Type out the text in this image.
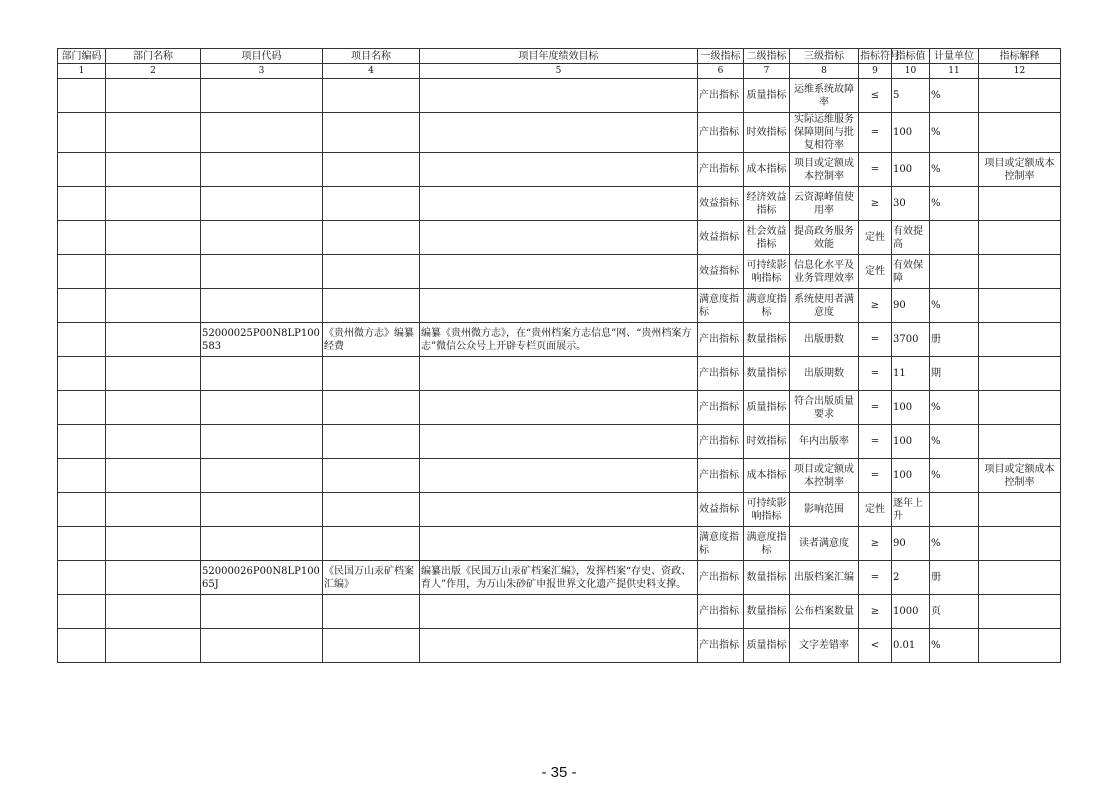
部门编码	部门名称	项目代码	项目名称	项目年度绩效目标	一级指标	二级指标	三级指标	指标符号	指标值	计量单位	指标解释
1	2	3	4	5	6	7	8	9	10	11	12
					产出指标	质量指标	运维系统故障率	≤	5	%	
					产出指标	时效指标	实际运维服务保障期间与批复相符率	=	100	%	
					产出指标	成本指标	项目或定额成本控制率	=	100	%	项目或定额成本控制率
					效益指标	经济效益指标	云资源峰值使用率	≥	30	%	
					效益指标	社会效益指标	提高政务服务效能	定性	有效提高		
					效益指标	可持续影响指标	信息化水平及业务管理效率	定性	有效保障		
					满意度指标	满意度指标	系统使用者满意度	≥	90	%	
		52000025P00N8LP100583	《贵州微方志》编纂经费	编纂《贵州微方志》，在“贵州档案方志信息”网、“贵州档案方志”微信公众号上开辟专栏页面展示。	产出指标	数量指标	出版册数	=	3700	册	
					产出指标	数量指标	出版期数	=	11	期	
					产出指标	质量指标	符合出版质量要求	=	100	%	
					产出指标	时效指标	年内出版率	=	100	%	
					产出指标	成本指标	项目或定额成本控制率	=	100	%	项目或定额成本控制率
					效益指标	可持续影响指标	影响范围	定性	逐年上升		
					满意度指标	满意度指标	读者满意度	≥	90	%	
		52000026P00N8LP10065J	《民国万山汞矿档案汇编》	编纂出版《民国万山汞矿档案汇编》，发挥档案“存史、资政、育人”作用，为万山朱砂矿申报世界文化遗产提供史料支撑。	产出指标	数量指标	出版档案汇编	=	2	册	
					产出指标	数量指标	公布档案数量	≥	1000	页	
					产出指标	质量指标	文字差错率	<	0.01	%	
- 35 -
